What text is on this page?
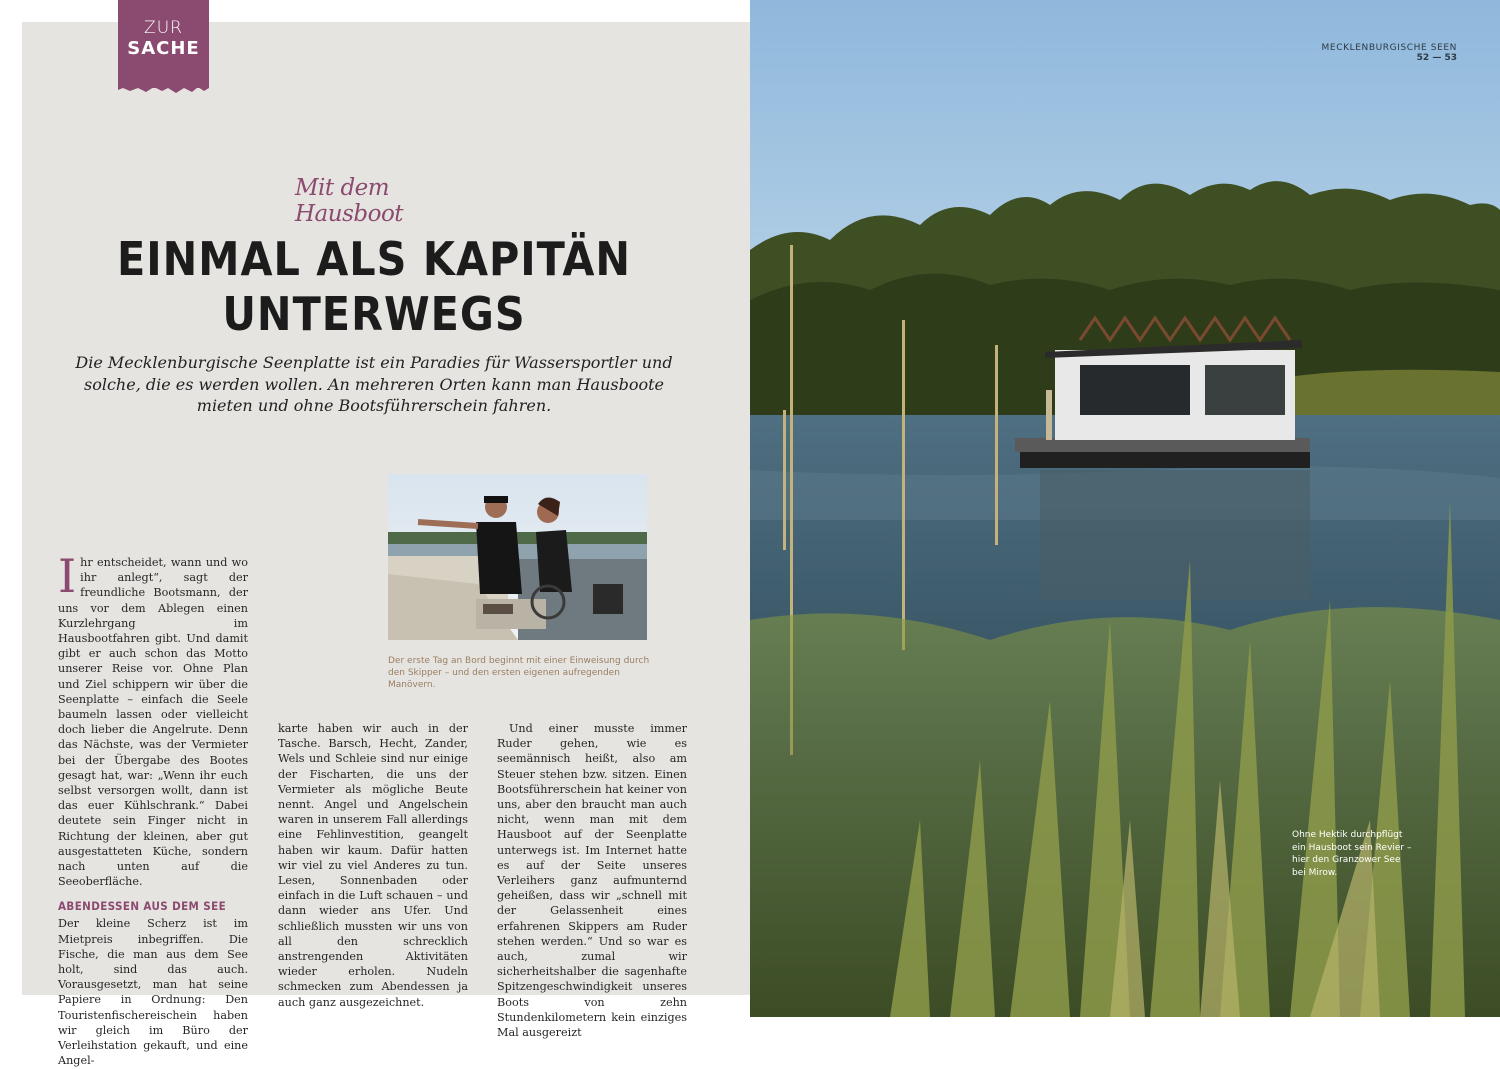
ZUR
SACHE
Mit dem Hausboot
EINMAL ALS KAPITÄN
UNTERWEGS
Die Mecklenburgische Seenplatte ist ein Paradies für Wassersportler und solche, die es werden wollen. An mehreren Orten kann man Hausboote mieten und ohne Bootsführerschein fahren.
Der erste Tag an Bord beginnt mit einer Einweisung durch den Skipper – und den ersten eigenen aufregenden Manövern.

Ihr entscheidet, wann und wo ihr anlegt“, sagt der freundliche Bootsmann, der uns vor dem Ablegen einen Kurzlehrgang im Hausbootfahren gibt. Und damit gibt er auch schon das Motto unserer Reise vor. Ohne Plan und Ziel schippern wir über die Seenplatte – einfach die Seele baumeln lassen oder vielleicht doch lieber die Angelrute. Denn das Nächste, was der Vermieter bei der Übergabe des Bootes gesagt hat, war: „Wenn ihr euch selbst versorgen wollt, dann ist das euer Kühlschrank.“ Dabei deutete sein Finger nicht in Richtung der kleinen, aber gut ausgestatteten Küche, sondern nach unten auf die Seeoberfläche.

ABENDESSEN AUS DEM SEE

Der kleine Scherz ist im Mietpreis inbegriffen. Die Fische, die man aus dem See holt, sind das auch. Vorausgesetzt, man hat seine Papiere in Ordnung: Den Touristenfischereischein haben wir gleich im Büro der Verleihstation gekauft, und eine Angel-

karte haben wir auch in der Tasche. Barsch, Hecht, Zander, Wels und Schleie sind nur einige der Fischarten, die uns der Vermieter als mögliche Beute nennt. Angel und Angelschein waren in unserem Fall allerdings eine Fehlinvestition, geangelt haben wir kaum. Dafür hatten wir viel zu viel Anderes zu tun. Lesen, Sonnenbaden oder einfach in die Luft schauen – und dann wieder ans Ufer. Und schließlich mussten wir uns von all den schrecklich anstrengenden Aktivitäten wieder erholen. Nudeln schmecken zum Abendessen ja auch ganz ausgezeichnet.

Und einer musste immer Ruder gehen, wie es seemännisch heißt, also am Steuer stehen bzw. sitzen. Einen Bootsführerschein hat keiner von uns, aber den braucht man auch nicht, wenn man mit dem Hausboot auf der Seenplatte unterwegs ist. Im Internet hatte es auf der Seite unseres Verleihers ganz aufmunternd geheißen, dass wir „schnell mit der Gelassenheit eines erfahrenen Skippers am Ruder stehen werden.“ Und so war es auch, zumal wir sicherheitshalber die sagenhafte Spitzengeschwindigkeit unseres Boots von zehn Stundenkilometern kein einziges Mal ausgereizt

MECKLENBURGISCHE SEEN
52 — 53
Ohne Hektik durchpflügt ein Hausboot sein Revier – hier den Granzower See bei Mirow.
